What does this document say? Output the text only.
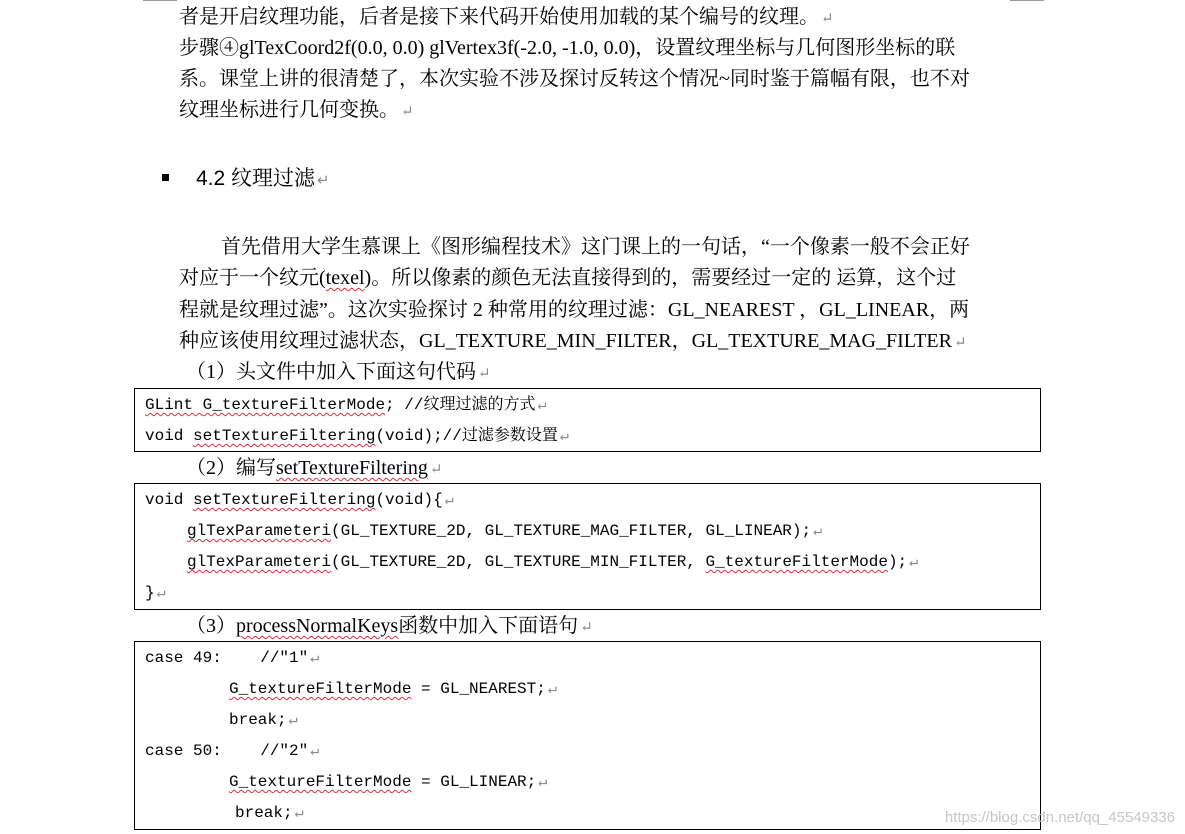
者是开启纹理功能，后者是接下来代码开始使用加载的某个编号的纹理。 ↵

步骤④glTexCoord2f(0.0, 0.0) glVertex3f(-2.0, -1.0, 0.0)，设置纹理坐标与几何图形坐标的联

系。课堂上讲的很清楚了，本次实验不涉及探讨反转这个情况~同时鉴于篇幅有限，也不对

纹理坐标进行几何变换。 ↵

4.2 纹理过滤 ↵

首先借用大学生慕课上《图形编程技术》这门课上的一句话，“一个像素一般不会正好

对应于一个纹元(texel)。所以像素的颜色无法直接得到的，需要经过一定的 运算，这个过

程就是纹理过滤”。这次实验探讨 2 种常用的纹理过滤：GL_NEAREST ，GL_LINEAR，两

种应该使用纹理过滤状态，GL_TEXTURE_MIN_FILTER，GL_TEXTURE_MAG_FILTER ↵

（1）头文件中加入下面这句代码 ↵
GLint G_textureFilterMode; //纹理过滤的方式 ↵
void setTextureFiltering(void);//过滤参数设置 ↵
（2）编写setTextureFiltering ↵
void setTextureFiltering(void){ ↵
glTexParameteri(GL_TEXTURE_2D, GL_TEXTURE_MAG_FILTER, GL_LINEAR); ↵
glTexParameteri(GL_TEXTURE_2D, GL_TEXTURE_MIN_FILTER, G_textureFilterMode); ↵
} ↵
（3）processNormalKeys函数中加入下面语句 ↵
case 49:    //"1" ↵
G_textureFilterMode = GL_NEAREST; ↵
break; ↵
case 50:    //"2" ↵
G_textureFilterMode = GL_LINEAR; ↵
break; ↵	https://blog.csdn.net/qq_45549336
